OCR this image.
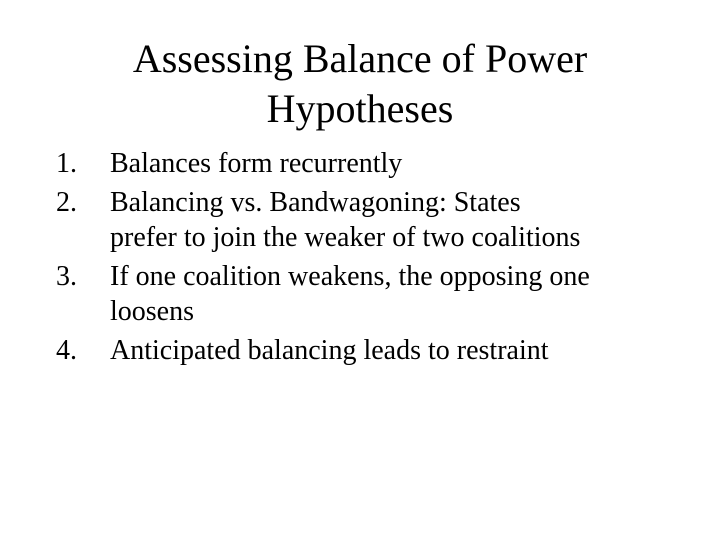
Assessing Balance of Power
Hypotheses
1. Balances form recurrently
2. Balancing vs. Bandwagoning: States
prefer to join the weaker of two coalitions
3. If one coalition weakens, the opposing one
loosens
4. Anticipated balancing leads to restraint
